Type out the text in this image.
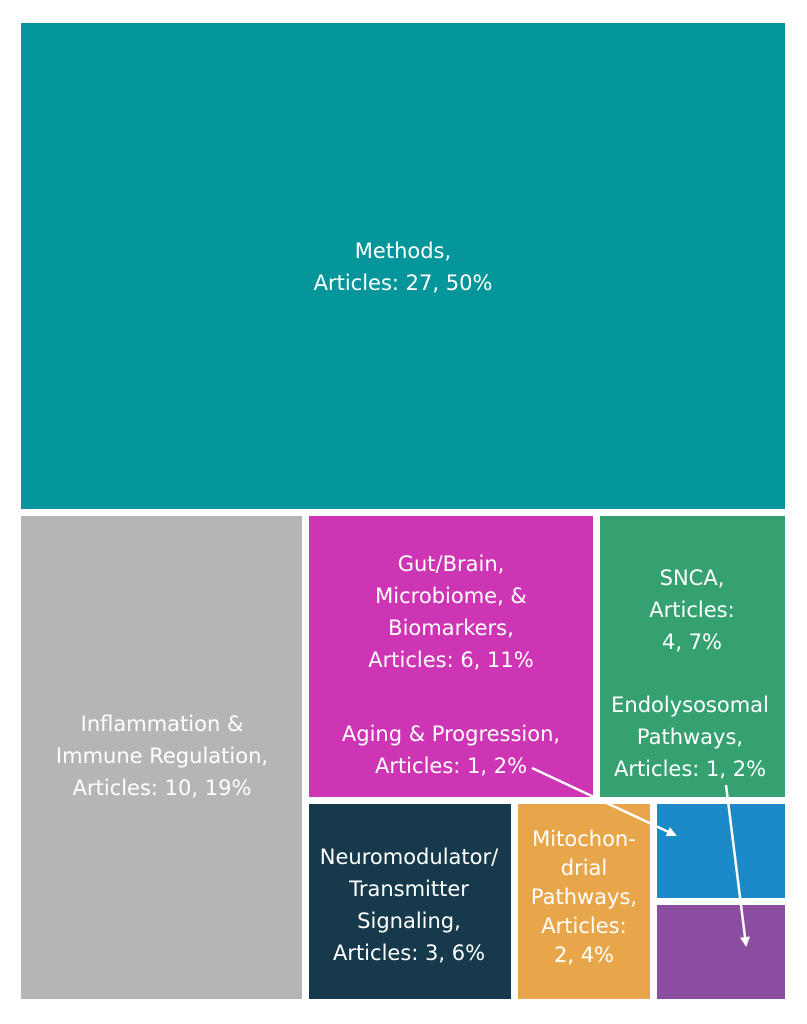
Methods, Articles: 27, 50%
Inflammation & Immune Regulation, Articles: 10, 19%
Gut/Brain, Microbiome, & Biomarkers, Articles: 6, 11%
SNCA, Articles: 4, 7%
Neuromodulator/ Transmitter Signaling, Articles: 3, 6%
Mitochon-drial Pathways, Articles: 2, 4%
Aging & Progression, Articles: 1, 2%
Endolysosomal Pathways, Articles: 1, 2%
